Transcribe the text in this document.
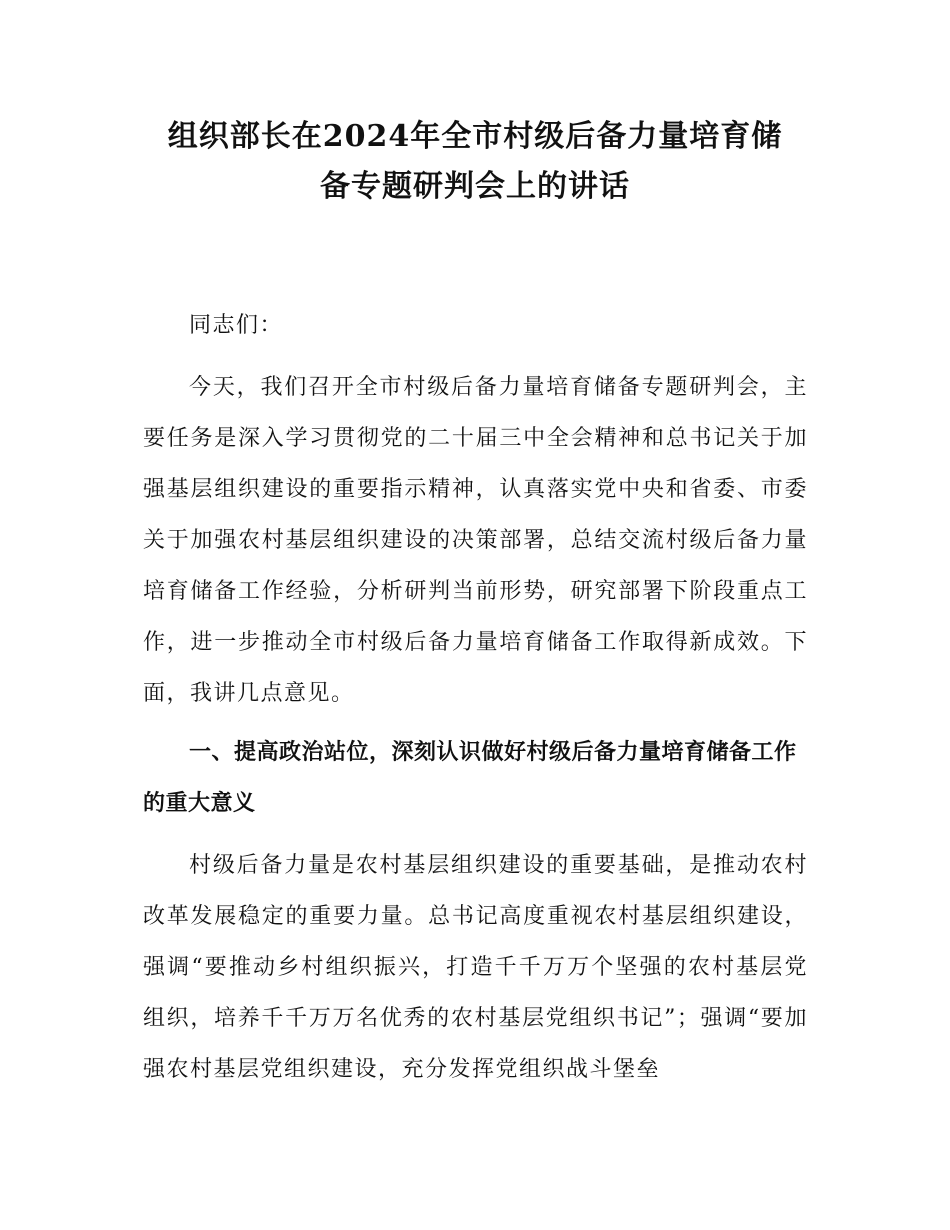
组织部长在2024年全市村级后备力量培育储
备专题研判会上的讲话

同志们：

今天，我们召开全市村级后备力量培育储备专题研判会，主要任务是深入学习贯彻党的二十届三中全会精神和总书记关于加强基层组织建设的重要指示精神，认真落实党中央和省委、市委关于加强农村基层组织建设的决策部署，总结交流村级后备力量培育储备工作经验，分析研判当前形势，研究部署下阶段重点工作，进一步推动全市村级后备力量培育储备工作取得新成效。下面，我讲几点意见。

一、提高政治站位，深刻认识做好村级后备力量培育储备工作的重大意义

村级后备力量是农村基层组织建设的重要基础，是推动农村改革发展稳定的重要力量。总书记高度重视农村基层组织建设，强调“要推动乡村组织振兴，打造千千万万个坚强的农村基层党组织，培养千千万万名优秀的农村基层党组织书记”；强调“要加强农村基层党组织建设，充分发挥党组织战斗堡垒
